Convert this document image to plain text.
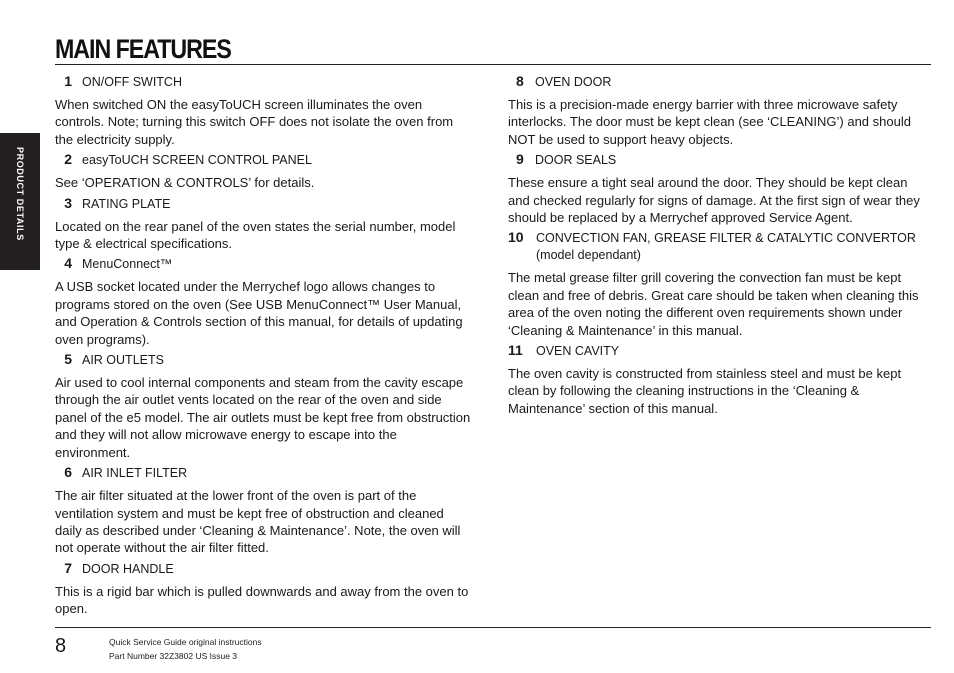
MAIN FEATURES
PRODUCT DETAILS
1 ON/OFF SWITCH

When switched ON the easyToUCH screen illuminates the oven controls. Note; turning this switch OFF does not isolate the oven from the electricity supply.

2 easyToUCH SCREEN CONTROL PANEL

See ‘OPERATION & CONTROLS’ for details.

3 RATING PLATE

Located on the rear panel of the oven states the serial number, model type & electrical specifications.

4 MenuConnect™

A USB socket located under the Merrychef logo allows changes to programs stored on the oven (See USB MenuConnect™ User Manual, and Operation & Controls section of this manual, for details of updating oven programs).

5 AIR OUTLETS

Air used to cool internal components and steam from the cavity escape through the air outlet vents located on the rear of the oven and side panel of the e5 model. The air outlets must be kept free from obstruction and they will not allow microwave energy to escape into the environment.

6 AIR INLET FILTER

The air filter situated at the lower front of the oven is part of the ventilation system and must be kept free of obstruction and cleaned daily as described under ‘Cleaning & Maintenance’. Note, the oven will not operate without the air filter fitted.

7 DOOR HANDLE

This is a rigid bar which is pulled downwards and away from the oven to open.

8 OVEN DOOR

This is a precision-made energy barrier with three microwave safety interlocks. The door must be kept clean (see ‘CLEANING’) and should NOT be used to support heavy objects.

9 DOOR SEALS

These ensure a tight seal around the door. They should be kept clean and checked regularly for signs of damage. At the first sign of wear they should be replaced by a Merrychef approved Service Agent.

10 CONVECTION FAN, GREASE FILTER & CATALYTIC CONVERTOR (model dependant)

The metal grease filter grill covering the convection fan must be kept clean and free of debris. Great care should be taken when cleaning this area of the oven noting the different oven requirements shown under ‘Cleaning & Maintenance’ in this manual.

11	OVEN CAVITY

The oven cavity is constructed from stainless steel and must be kept clean by following the cleaning instructions in the ‘Cleaning & Maintenance’ section of this manual.

8	Quick Service Guide original instructions
Part Number 32Z3802 US Issue 3
